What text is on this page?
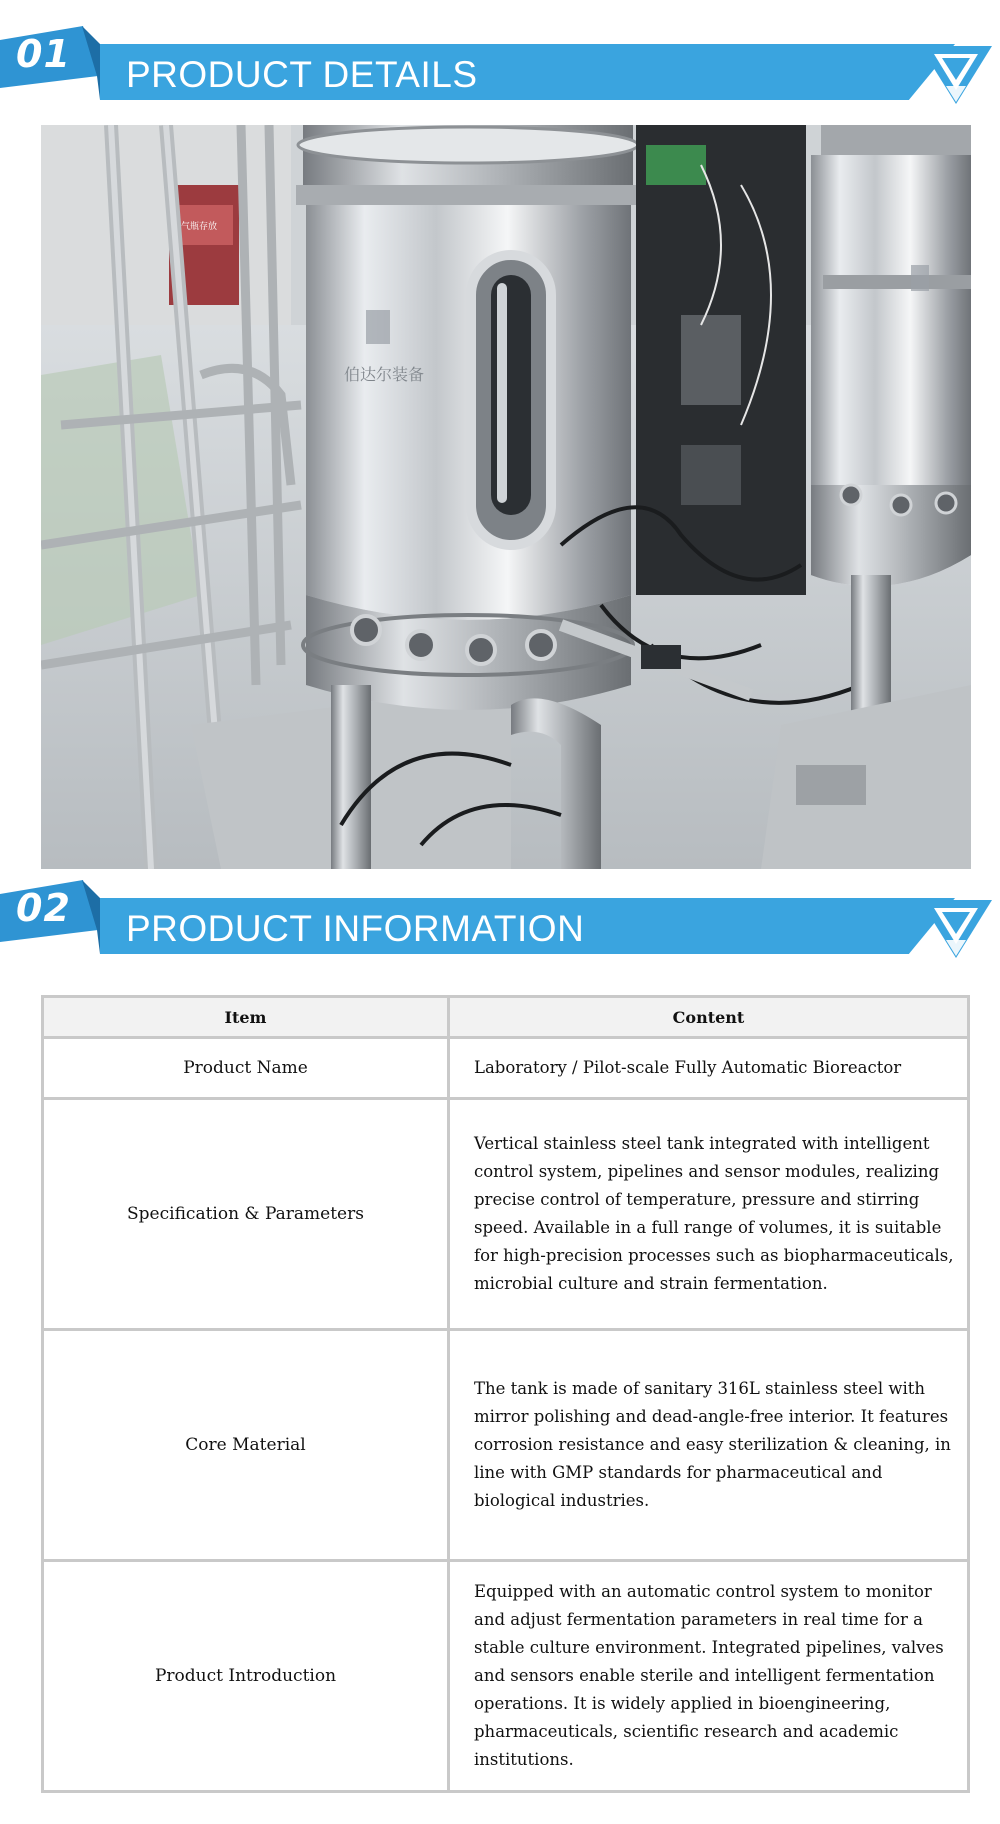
01 PRODUCT DETAILS
气瓶存放
伯达尔装备
02 PRODUCT INFORMATION
Item	Content
Product Name	Laboratory / Pilot-scale Fully Automatic Bioreactor
Specification & Parameters	Vertical stainless steel tank integrated with intelligent control system, pipelines and sensor modules, realizing precise control of temperature, pressure and stirring speed. Available in a full range of volumes, it is suitable for high-precision processes such as biopharmaceuticals, microbial culture and strain fermentation.
Core Material	The tank is made of sanitary 316L stainless steel with mirror polishing and dead-angle-free interior. It features corrosion resistance and easy sterilization & cleaning, in line with GMP standards for pharmaceutical and biological industries.
Product Introduction	Equipped with an automatic control system to monitor and adjust fermentation parameters in real time for a stable culture environment. Integrated pipelines, valves and sensors enable sterile and intelligent fermentation operations. It is widely applied in bioengineering, pharmaceuticals, scientific research and academic institutions.
